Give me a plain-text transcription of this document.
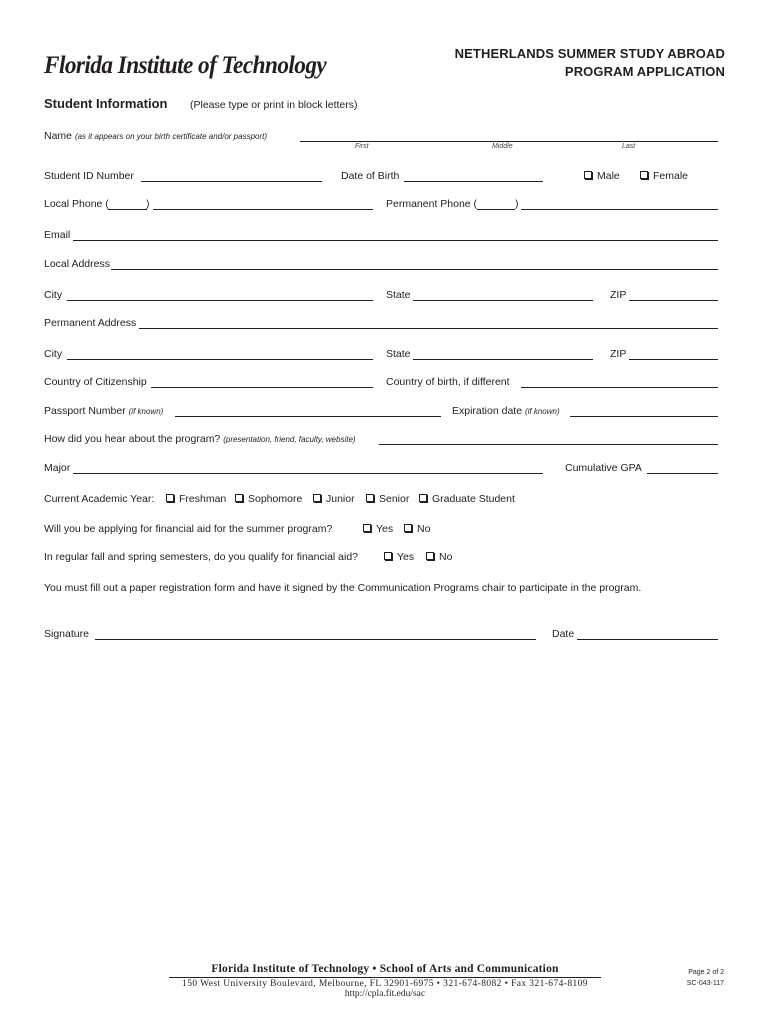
Florida Institute of Technology	NETHERLANDS SUMMER STUDY ABROAD
PROGRAM APPLICATION
Student Information (Please type or print in block letters)
Name (as it appears on your birth certificate and/or passport)
First	Middle	Last
Student ID Number	Date of Birth	Male	Female
Local Phone (	)	Permanent Phone (	)
Email
Local Address
City	State	ZIP
Permanent Address
City	State	ZIP
Country of Citizenship	Country of birth, if different
Passport Number (if known)	Expiration date (if known)
How did you hear about the program? (presentation, friend, faculty, website)
Major	Cumulative GPA
Current Academic Year:	Freshman	Sophomore	Junior	Senior	Graduate Student
Will you be applying for financial aid for the summer program?	Yes	No
In regular fall and spring semesters, do you qualify for financial aid?	Yes	No
You must fill out a paper registration form and have it signed by the Communication Programs chair to participate in the program.
Signature	Date
Florida Institute of Technology • School of Arts and Communication
150 West University Boulevard, Melbourne, FL 32901-6975 • 321-674-8082 • Fax 321-674-8109
http://cpla.fit.edu/sac
Page 2 of 2
SC-043-117
